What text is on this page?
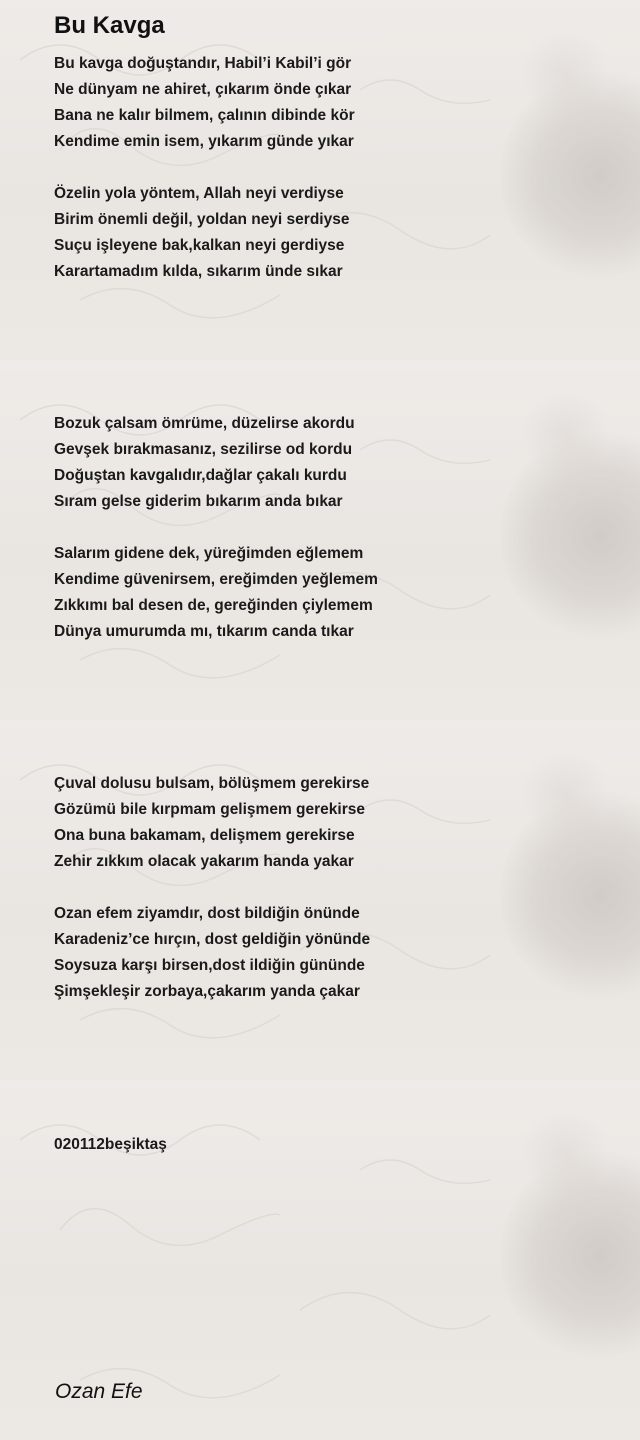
Bu Kavga
Bu kavga doğuştandır, Habil’i Kabil’i gör
Ne dünyam ne ahiret, çıkarım önde çıkar
Bana ne kalır bilmem, çalının dibinde kör
Kendime emin isem, yıkarım günde yıkar
Özelin yola yöntem, Allah neyi verdiyse
Birim önemli değil, yoldan neyi serdiyse
Suçu işleyene bak,kalkan neyi gerdiyse
Karartamadım kılda, sıkarım ünde sıkar
Bozuk çalsam ömrüme, düzelirse akordu
Gevşek bırakmasanız, sezilirse od kordu
Doğuştan kavgalıdır,dağlar çakalı kurdu
Sıram gelse giderim bıkarım anda bıkar
Salarım gidene dek, yüreğimden eğlemem
Kendime güvenirsem, ereğimden yeğlemem
Zıkkımı bal desen de, gereğinden çiylemem
Dünya umurumda mı, tıkarım canda tıkar
Çuval dolusu bulsam, bölüşmem gerekirse
Gözümü bile kırpmam gelişmem gerekirse
Ona buna bakamam, delişmem gerekirse
Zehir zıkkım olacak yakarım handa yakar
Ozan efem ziyamdır, dost bildiğin önünde
Karadeniz’ce hırçın, dost geldiğin yönünde
Soysuza karşı birsen,dost ildiğin gününde
Şimşekleşir zorbaya,çakarım yanda çakar
020112beşiktaş
Ozan Efe
